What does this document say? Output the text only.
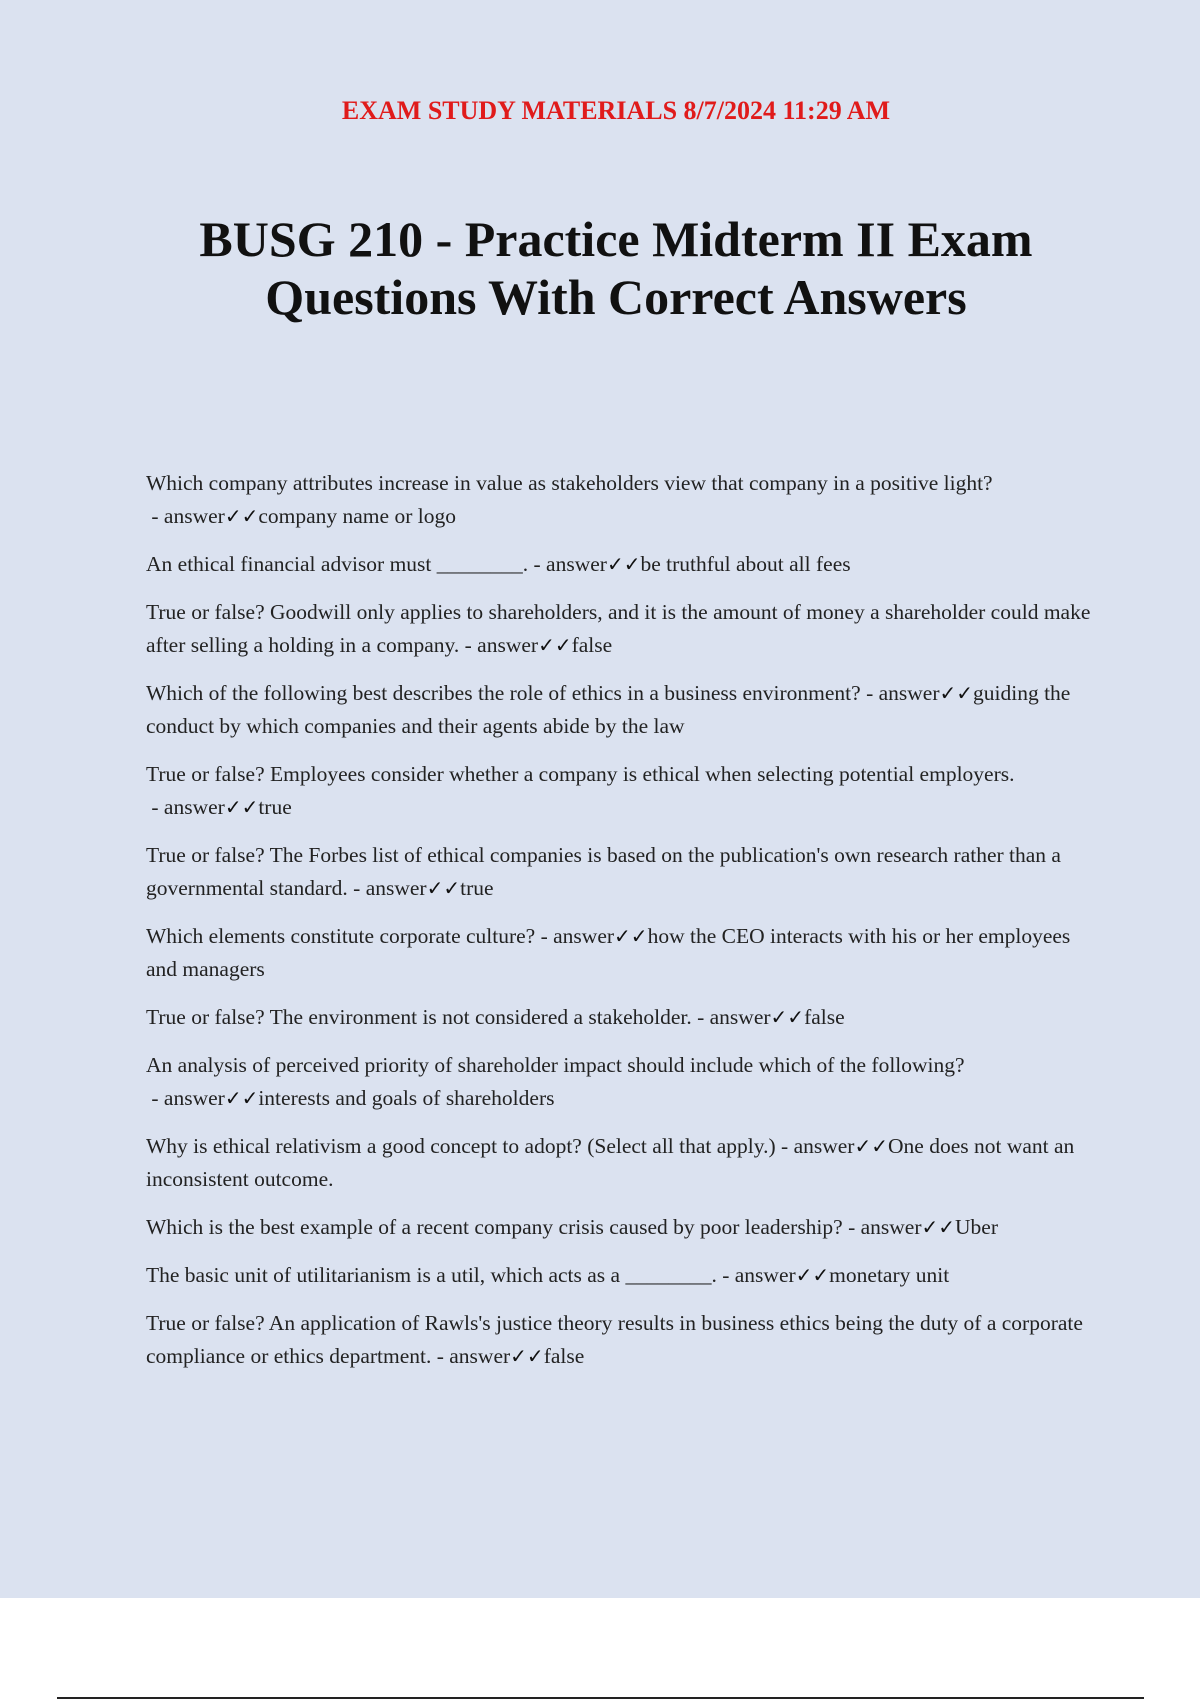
EXAM STUDY MATERIALS 8/7/2024 11:29 AM
BUSG 210 - Practice Midterm II Exam Questions With Correct Answers
Which company attributes increase in value as stakeholders view that company in a positive light? - answer✓✓company name or logo
An ethical financial advisor must ________. - answer✓✓be truthful about all fees
True or false? Goodwill only applies to shareholders, and it is the amount of money a shareholder could make after selling a holding in a company. - answer✓✓false
Which of the following best describes the role of ethics in a business environment? - answer✓✓guiding the conduct by which companies and their agents abide by the law
True or false? Employees consider whether a company is ethical when selecting potential employers. - answer✓✓true
True or false? The Forbes list of ethical companies is based on the publication's own research rather than a governmental standard. - answer✓✓true
Which elements constitute corporate culture? - answer✓✓how the CEO interacts with his or her employees and managers
True or false? The environment is not considered a stakeholder. - answer✓✓false
An analysis of perceived priority of shareholder impact should include which of the following? - answer✓✓interests and goals of shareholders
Why is ethical relativism a good concept to adopt? (Select all that apply.) - answer✓✓One does not want an inconsistent outcome.
Which is the best example of a recent company crisis caused by poor leadership? - answer✓✓Uber
The basic unit of utilitarianism is a util, which acts as a ________. - answer✓✓monetary unit
True or false? An application of Rawls's justice theory results in business ethics being the duty of a corporate compliance or ethics department. - answer✓✓false
